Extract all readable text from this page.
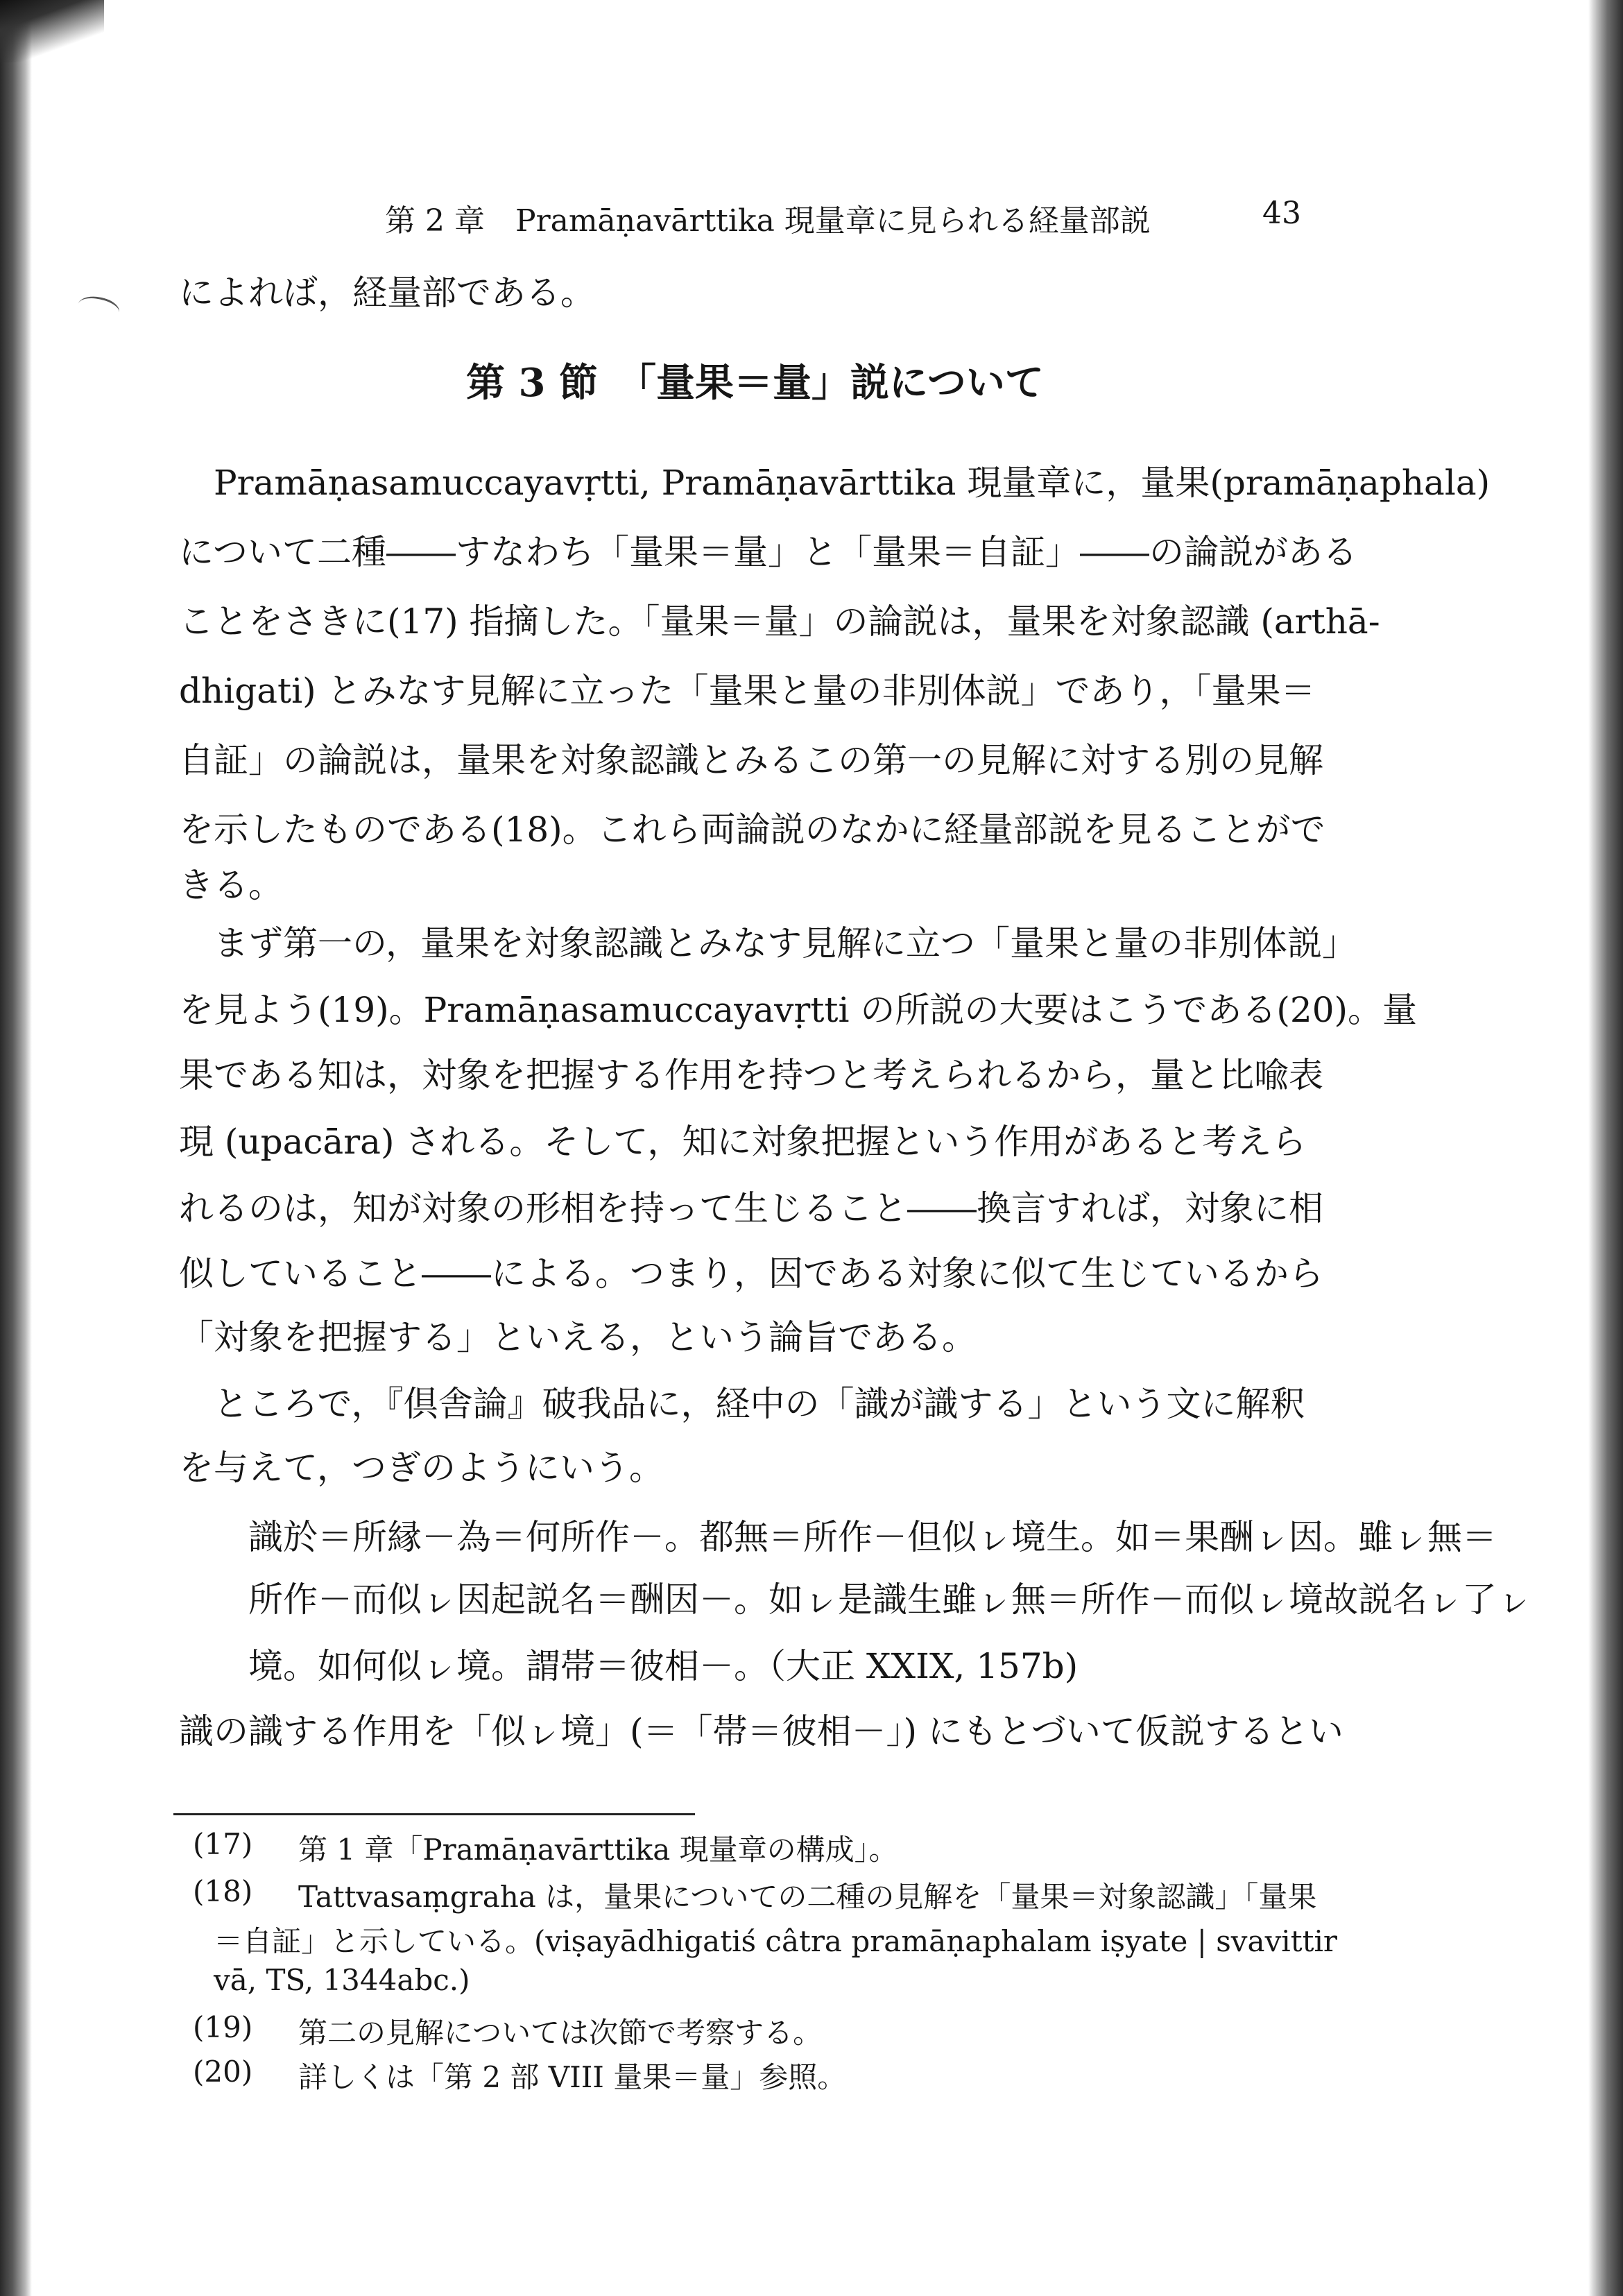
第 2 章　Pramāṇavārttika 現量章に見られる経量部説	43
によれば，経量部である。
第 3 節　「量果＝量」説について
Pramāṇasamuccayavṛtti, Pramāṇavārttika 現量章に，量果(pramāṇaphala)
について二種――すなわち「量果＝量」と「量果＝自証」――の論説がある
ことをさきに(17) 指摘した。「量果＝量」の論説は，量果を対象認識 (arthā-
dhigati) とみなす見解に立った「量果と量の非別体説」であり，「量果＝
自証」の論説は，量果を対象認識とみるこの第一の見解に対する別の見解
を示したものである(18)。これら両論説のなかに経量部説を見ることがで
きる。
まず第一の，量果を対象認識とみなす見解に立つ「量果と量の非別体説」
を見よう(19)。Pramāṇasamuccayavṛtti の所説の大要はこうである(20)。量
果である知は，対象を把握する作用を持つと考えられるから，量と比喩表
現 (upacāra) される。そして，知に対象把握という作用があると考えら
れるのは，知が対象の形相を持って生じること――換言すれば，対象に相
似していること――による。つまり，因である対象に似て生じているから
「対象を把握する」といえる，という論旨である。
ところで，『倶舎論』破我品に，経中の「識が識する」という文に解釈
を与えて，つぎのようにいう。
識於＝所縁－為＝何所作－。都無＝所作－但似ㇾ境生。如＝果酬ㇾ因。雖ㇾ無＝
所作－而似ㇾ因起説名＝酬因－。如ㇾ是識生雖ㇾ無＝所作－而似ㇾ境故説名ㇾ了ㇾ
境。如何似ㇾ境。謂帯＝彼相－。（大正 XXIX, 157b)
識の識する作用を「似ㇾ境」(＝「帯＝彼相－」) にもとづいて仮説するとい
(17) 第 1 章「Pramāṇavārttika 現量章の構成」。
(18) Tattvasaṃgraha は，量果についての二種の見解を「量果＝対象認識」「量果
＝自証」と示している。(viṣayādhigatiś câtra pramāṇaphalam iṣyate | svavittir
vā, TS, 1344abc.)
(19) 第二の見解については次節で考察する。
(20) 詳しくは「第 2 部 VIII 量果＝量」参照。
